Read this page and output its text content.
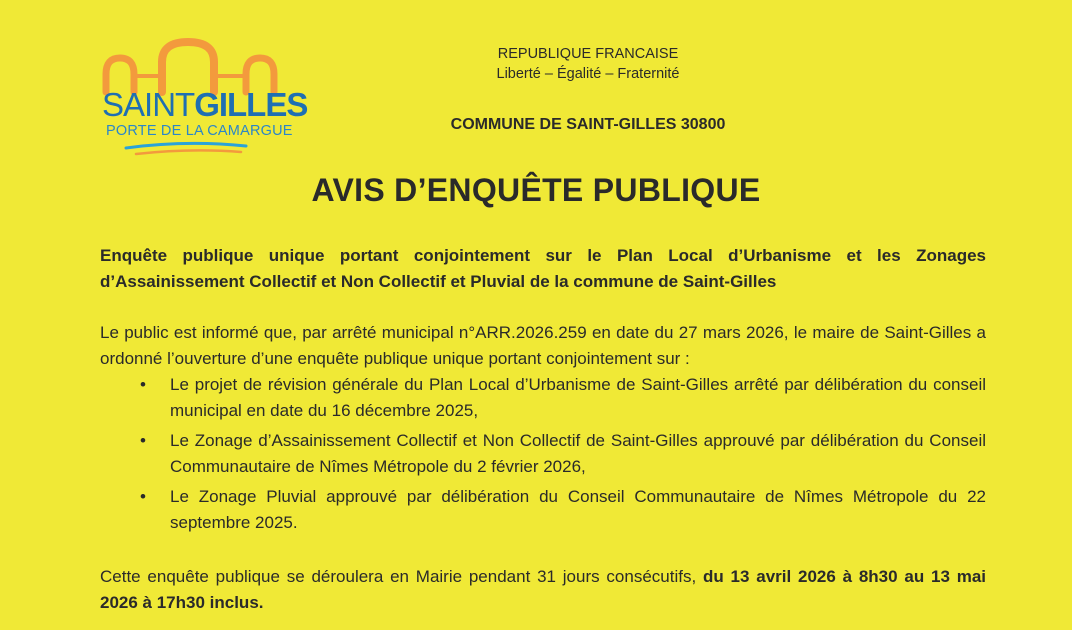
SAINTGILLES
PORTE DE LA CAMARGUE
REPUBLIQUE FRANCAISE
Liberté – Égalité – Fraternité
COMMUNE DE SAINT-GILLES 30800
AVIS D’ENQUÊTE PUBLIQUE
Enquête publique unique portant conjointement sur le Plan Local d’Urbanisme et les Zonages d’Assainissement Collectif et Non Collectif et Pluvial de la commune de Saint-Gilles
Le public est informé que, par arrêté municipal n°ARR.2026.259 en date du 27 mars 2026, le maire de Saint-Gilles a ordonné l’ouverture d’une enquête publique unique portant conjointement sur :
• Le projet de révision générale du Plan Local d’Urbanisme de Saint-Gilles arrêté par délibération du conseil municipal en date du 16 décembre 2025,
• Le Zonage d’Assainissement Collectif et Non Collectif de Saint-Gilles approuvé par délibération du Conseil Communautaire de Nîmes Métropole du 2 février 2026,
• Le Zonage Pluvial approuvé par délibération du Conseil Communautaire de Nîmes Métropole du 22 septembre 2025.
Cette enquête publique se déroulera en Mairie pendant 31 jours consécutifs, du 13 avril 2026 à 8h30 au 13 mai 2026 à 17h30 inclus.
